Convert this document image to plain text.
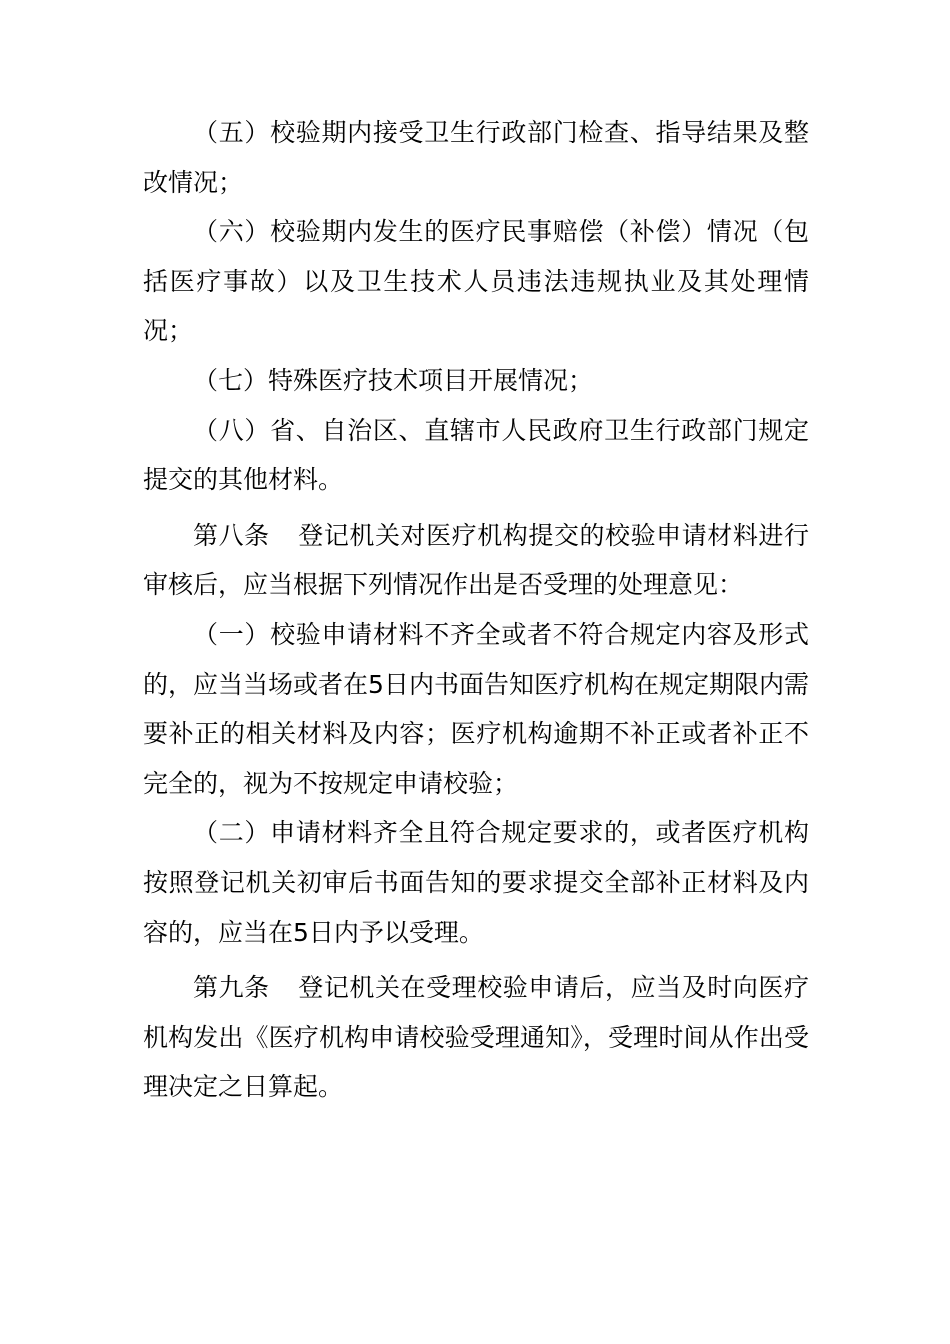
（五）校验期内接受卫生行政部门检查、指导结果及整改情况；

（六）校验期内发生的医疗民事赔偿（补偿）情况（包括医疗事故）以及卫生技术人员违法违规执业及其处理情况；

（七）特殊医疗技术项目开展情况；

（八）省、自治区、直辖市人民政府卫生行政部门规定提交的其他材料。

第八条 登记机关对医疗机构提交的校验申请材料进行审核后，应当根据下列情况作出是否受理的处理意见：

（一）校验申请材料不齐全或者不符合规定内容及形式的，应当当场或者在5日内书面告知医疗机构在规定期限内需要补正的相关材料及内容；医疗机构逾期不补正或者补正不完全的，视为不按规定申请校验；

（二）申请材料齐全且符合规定要求的，或者医疗机构按照登记机关初审后书面告知的要求提交全部补正材料及内容的，应当在5日内予以受理。

第九条 登记机关在受理校验申请后，应当及时向医疗机构发出《医疗机构申请校验受理通知》，受理时间从作出受理决定之日算起。
